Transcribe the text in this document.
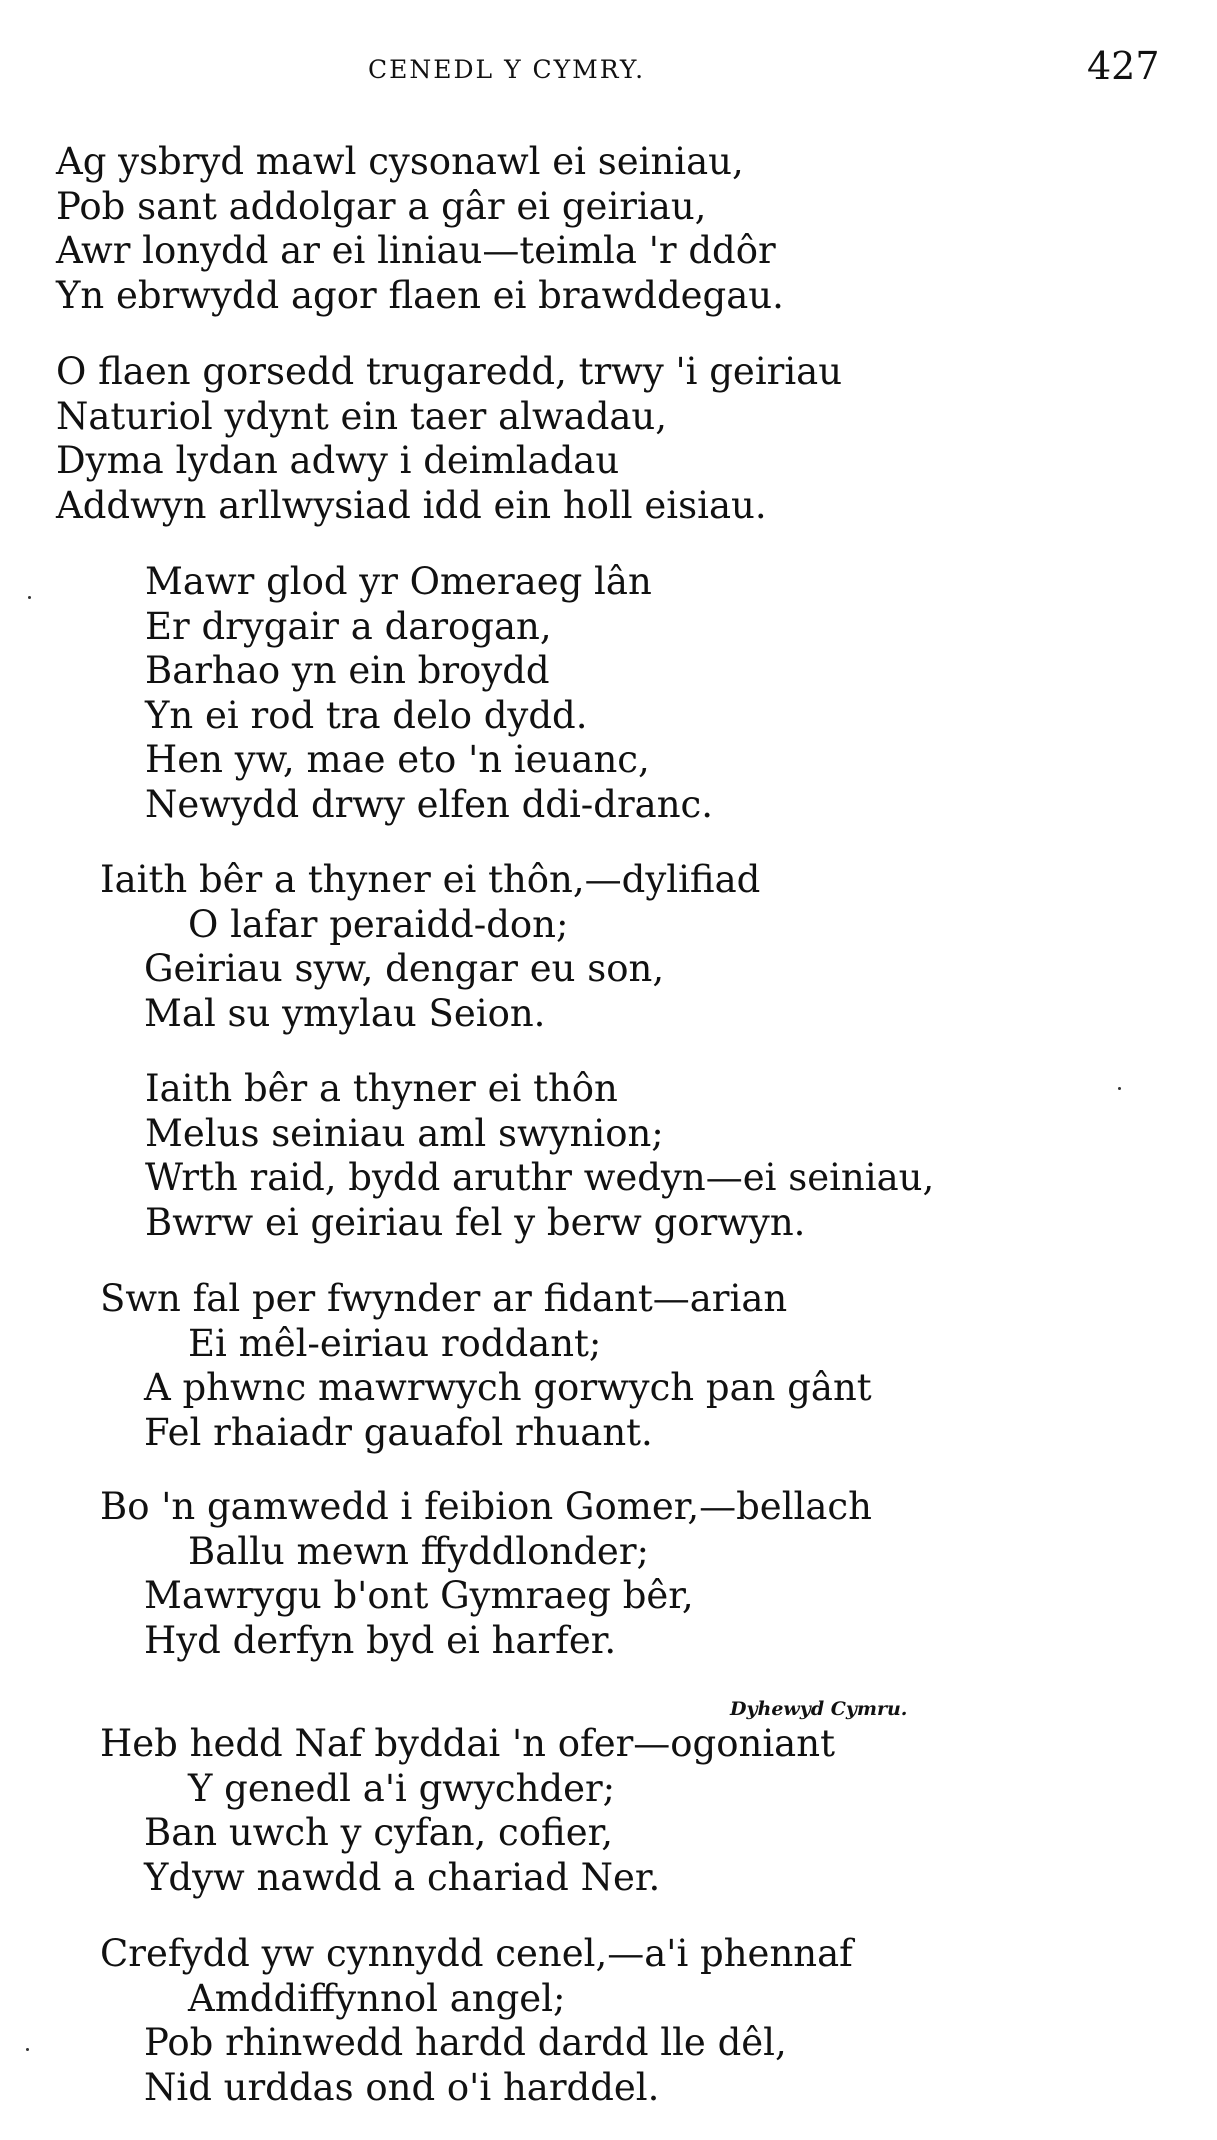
CENEDL Y CYMRY.	427
Ag ysbryd mawl cysonawl ei seiniau,
Pob sant addolgar a gâr ei geiriau,
Awr lonydd ar ei liniau—teimla 'r ddôr
Yn ebrwydd agor flaen ei brawddegau.
O flaen gorsedd trugaredd, trwy 'i geiriau
Naturiol ydynt ein taer alwadau,
Dyma lydan adwy i deimladau
Addwyn arllwysiad idd ein holl eisiau.
Mawr glod yr Omeraeg lân
Er drygair a darogan,
Barhao yn ein broydd
Yn ei rod tra delo dydd.
Hen yw, mae eto 'n ieuanc,
Newydd drwy elfen ddi-dranc.
Iaith bêr a thyner ei thôn,—dylifiad
O lafar peraidd-don;
Geiriau syw, dengar eu son,
Mal su ymylau Seion.
Iaith bêr a thyner ei thôn
Melus seiniau aml swynion;
Wrth raid, bydd aruthr wedyn—ei seiniau,
Bwrw ei geiriau fel y berw gorwyn.
Swn fal per fwynder ar fidant—arian
Ei mêl-eiriau roddant;
A phwnc mawrwych gorwych pan gânt
Fel rhaiadr gauafol rhuant.
Bo 'n gamwedd i feibion Gomer,—bellach
Ballu mewn ffyddlonder;
Mawrygu b'ont Gymraeg bêr,
Hyd derfyn byd ei harfer.
Dyhewyd Cymru.
Heb hedd Naf byddai 'n ofer—ogoniant
Y genedl a'i gwychder;
Ban uwch y cyfan, cofier,
Ydyw nawdd a chariad Ner.
Crefydd yw cynnydd cenel,—a'i phennaf
Amddiffynnol angel;
Pob rhinwedd hardd dardd lle dêl,
Nid urddas ond o'i harddel.
